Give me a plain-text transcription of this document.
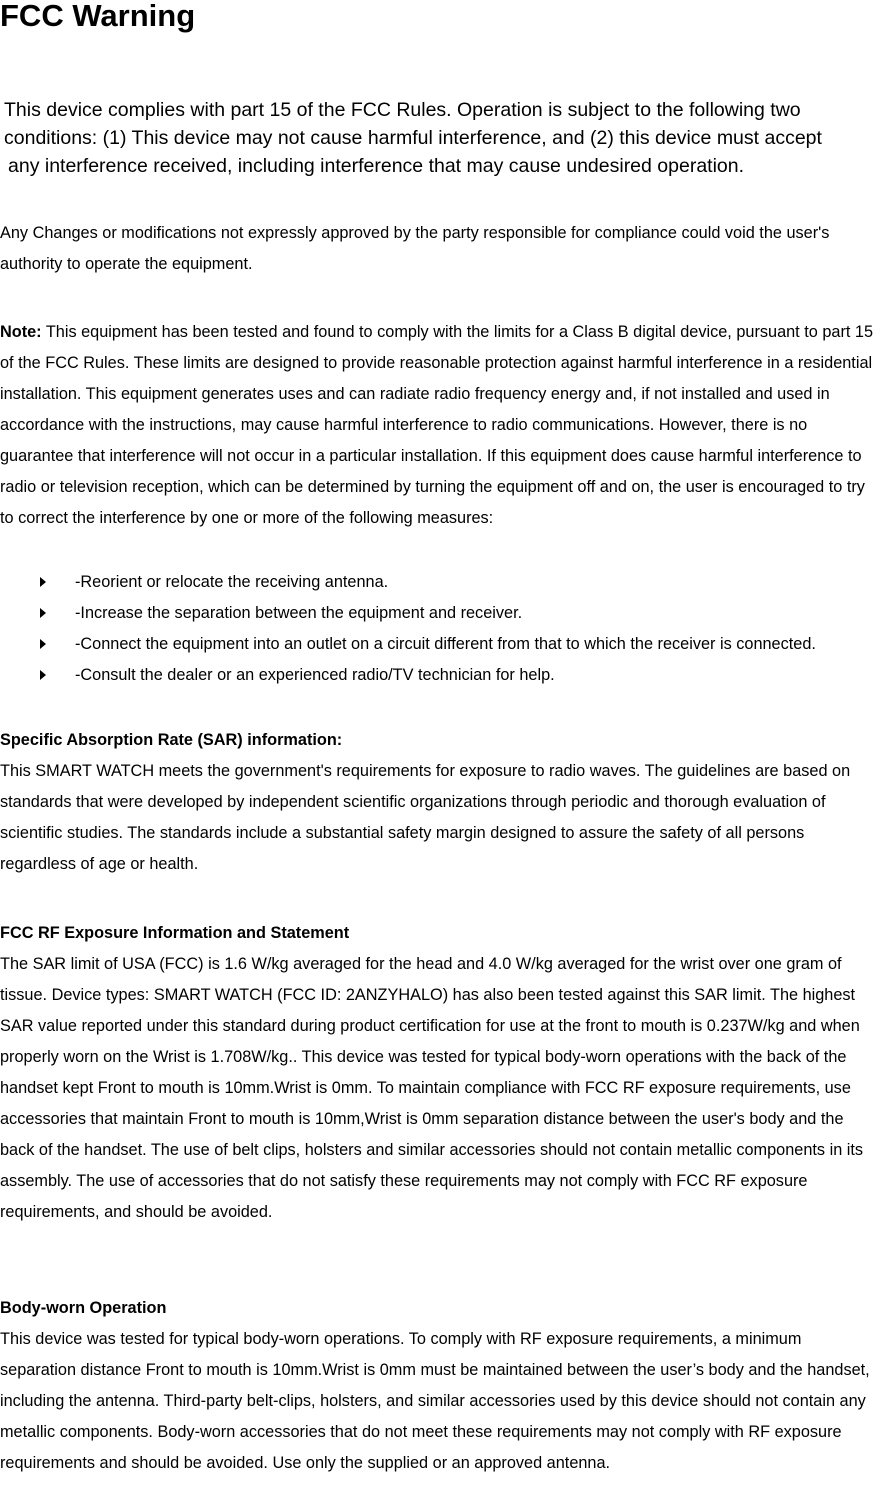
FCC Warning

This device complies with part 15 of the FCC Rules. Operation is subject to the following two
conditions: (1) This device may not cause harmful interference, and (2) this device must accept
any interference received, including interference that may cause undesired operation.

Any Changes or modifications not expressly approved by the party responsible for compliance could void the user's authority to operate the equipment.

Note: This equipment has been tested and found to comply with the limits for a Class B digital device, pursuant to part 15 of the FCC Rules. These limits are designed to provide reasonable protection against harmful interference in a residential installation. This equipment generates uses and can radiate radio frequency energy and, if not installed and used in accordance with the instructions, may cause harmful interference to radio communications. However, there is no guarantee that interference will not occur in a particular installation. If this equipment does cause harmful interference to radio or television reception, which can be determined by turning the equipment off and on, the user is encouraged to try to correct the interference by one or more of the following measures:

-Reorient or relocate the receiving antenna.
-Increase the separation between the equipment and receiver.
-Connect the equipment into an outlet on a circuit different from that to which the receiver is connected.
-Consult the dealer or an experienced radio/TV technician for help.
Specific Absorption Rate (SAR) information:
This SMART WATCH meets the government's requirements for exposure to radio waves. The guidelines are based on standards that were developed by independent scientific organizations through periodic and thorough evaluation of scientific studies. The standards include a substantial safety margin designed to assure the safety of all persons regardless of age or health.
FCC RF Exposure Information and Statement
The SAR limit of USA (FCC) is 1.6 W/kg averaged for the head and 4.0 W/kg averaged for the wrist over one gram of tissue. Device types: SMART WATCH (FCC ID: 2ANZYHALO) has also been tested against this SAR limit. The highest SAR value reported under this standard during product certification for use at the front to mouth is 0.237W/kg and when properly worn on the Wrist is 1.708W/kg.. This device was tested for typical body-worn operations with the back of the handset kept Front to mouth is 10mm.Wrist is 0mm. To maintain compliance with FCC RF exposure requirements, use accessories that maintain Front to mouth is 10mm,Wrist is 0mm separation distance between the user's body and the back of the handset. The use of belt clips, holsters and similar accessories should not contain metallic components in its assembly. The use of accessories that do not satisfy these requirements may not comply with FCC RF exposure requirements, and should be avoided.
Body-worn Operation
This device was tested for typical body-worn operations. To comply with RF exposure requirements, a minimum separation distance Front to mouth is 10mm.Wrist is 0mm must be maintained between the user’s body and the handset, including the antenna. Third-party belt-clips, holsters, and similar accessories used by this device should not contain any metallic components. Body-worn accessories that do not meet these requirements may not comply with RF exposure requirements and should be avoided. Use only the supplied or an approved antenna.
